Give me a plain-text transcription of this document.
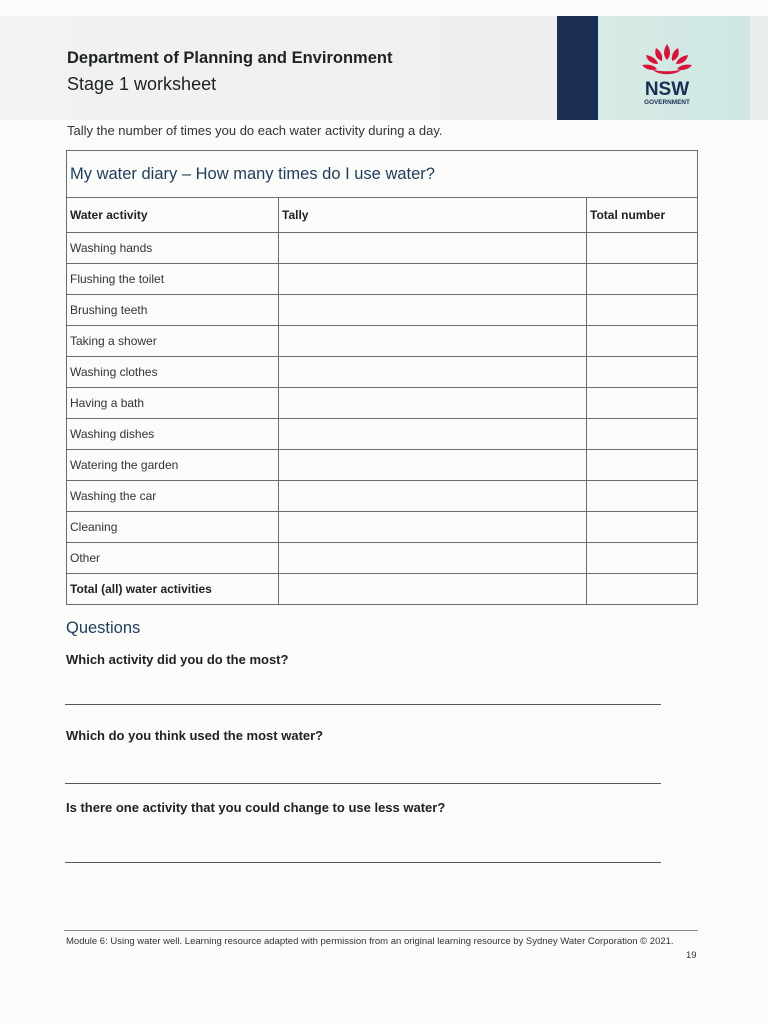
NSW
GOVERNMENT
Department of Planning and Environment
Stage 1 worksheet
Tally the number of times you do each water activity during a day.
My water diary – How many times do I use water?		
Water activity	Tally	Total number
Washing hands		
Flushing the toilet		
Brushing teeth		
Taking a shower		
Washing clothes		
Having a bath		
Washing dishes		
Watering the garden		
Washing the car		
Cleaning		
Other		
Total (all) water activities		
Questions
Which activity did you do the most?
Which do you think used the most water?
Is there one activity that you could change to use less water?
Module 6: Using water well. Learning resource adapted with permission from an original learning resource by Sydney Water Corporation © 2021.
19
